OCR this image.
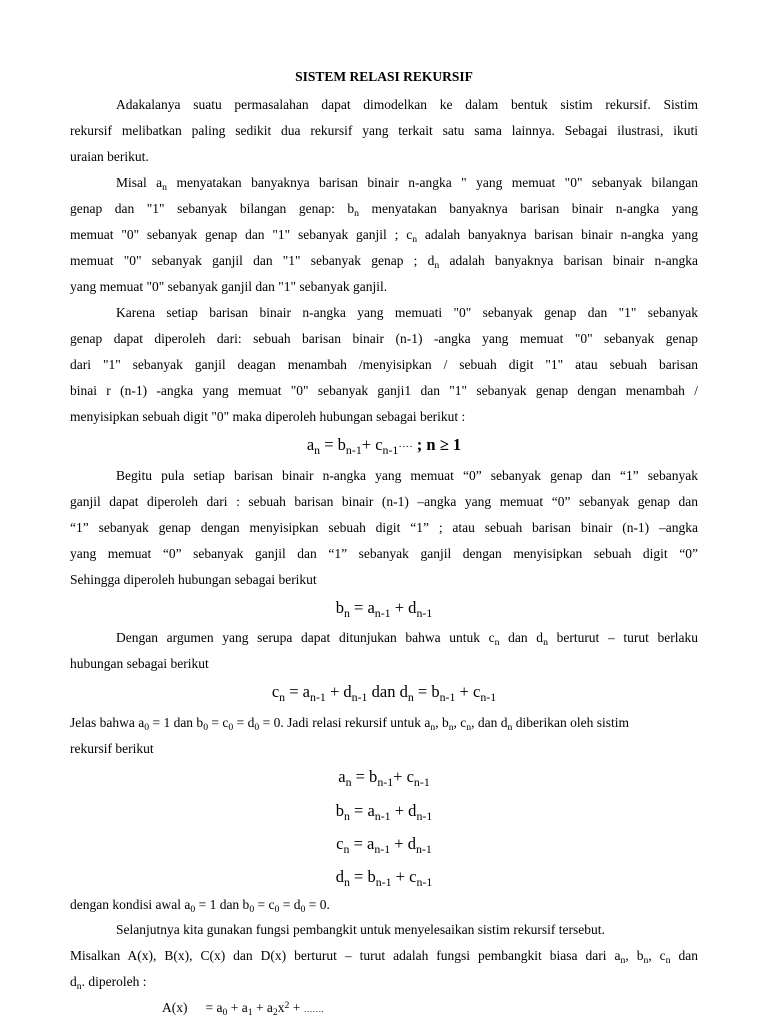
SISTEM RELASI REKURSIF
Adakalanya suatu permasalahan dapat dimodelkan ke dalam bentuk sistim rekursif. Sistim
rekursif melibatkan paling sedikit dua rekursif yang terkait satu sama lainnya. Sebagai ilustrasi, ikuti
uraian berikut.
Misal $a_n$ menyatakan banyaknya barisan binair n-angka " yang memuat "0" sebanyak bilangan
genap dan "1" sebanyak bilangan genap: $b_n$ menyatakan banyaknya barisan binair n-angka yang
memuat "0" sebanyak genap dan "1" sebanyak ganjil ; $c_n$ adalah banyaknya barisan binair n-angka yang
memuat "0" sebanyak ganjil dan "1" sebanyak genap ; $d_n$ adalah banyaknya barisan binair n-angka
yang memuat "0" sebanyak ganjil dan "1" sebanyak ganjil.
Karena setiap barisan binair n-angka yang memuati "0" sebanyak genap dan "1" sebanyak
genap dapat diperoleh dari: sebuah barisan binair (n-1) -angka yang memuat "0" sebanyak genap
dari "1" sebanyak ganjil deagan menambah /menyisipkan / sebuah digit "1" atau sebuah barisan
binai r (n-1) -angka yang memuat "0" sebanyak ganji1 dan "1" sebanyak genap dengan menambah /
menyisipkan sebuah digit "0" maka diperoleh hubungan sebagai berikut :
$a_n = b_{n-1}+ c_{n-1}\cdot\cdot\cdot\cdot$ ; n ≥ 1
Begitu pula setiap barisan binair n-angka yang memuat “0” sebanyak genap dan “1” sebanyak
ganjil dapat diperoleh dari : sebuah barisan binair (n-1) –angka yang memuat “0” sebanyak genap dan
“1” sebanyak genap dengan menyisipkan sebuah digit “1” ; atau sebuah barisan binair (n-1) –angka
yang memuat “0” sebanyak ganjil dan “1” sebanyak ganjil dengan menyisipkan sebuah digit “0”
Sehingga diperoleh hubungan sebagai berikut
$b_n = a_{n-1} + d_{n-1}$
Dengan argumen yang serupa dapat ditunjukan bahwa untuk $c_n$ dan $d_n$ berturut – turut berlaku
hubungan sebagai berikut
$c_n = a_{n-1} + d_{n-1}$ dan $d_n = b_{n-1} + c_{n-1}$
Jelas bahwa $a_0 = 1$ dan $b_0 = c_0 = d_0 = 0$. Jadi relasi rekursif untuk $a_n$, $b_n$, $c_n$, dan $d_n$ diberikan oleh sistim
rekursif berikut
$a_n = b_{n-1}+ c_{n-1}$
$b_n = a_{n-1} + d_{n-1}$
$c_n = a_{n-1} + d_{n-1}$
$d_n = b_{n-1} + c_{n-1}$
dengan kondisi awal $a_0 = 1$ dan $b_0 = c_0 = d_0 = 0$.
Selanjutnya kita gunakan fungsi pembangkit untuk menyelesaikan sistim rekursif tersebut.
Misalkan A(x), B(x), C(x) dan D(x) berturut – turut adalah fungsi pembangkit biasa dari $a_n$, $b_n$, $c_n$ dan
$d_n$. diperoleh :
$A(x) = a_0 + a_1 + a_2x^2$ + …….
